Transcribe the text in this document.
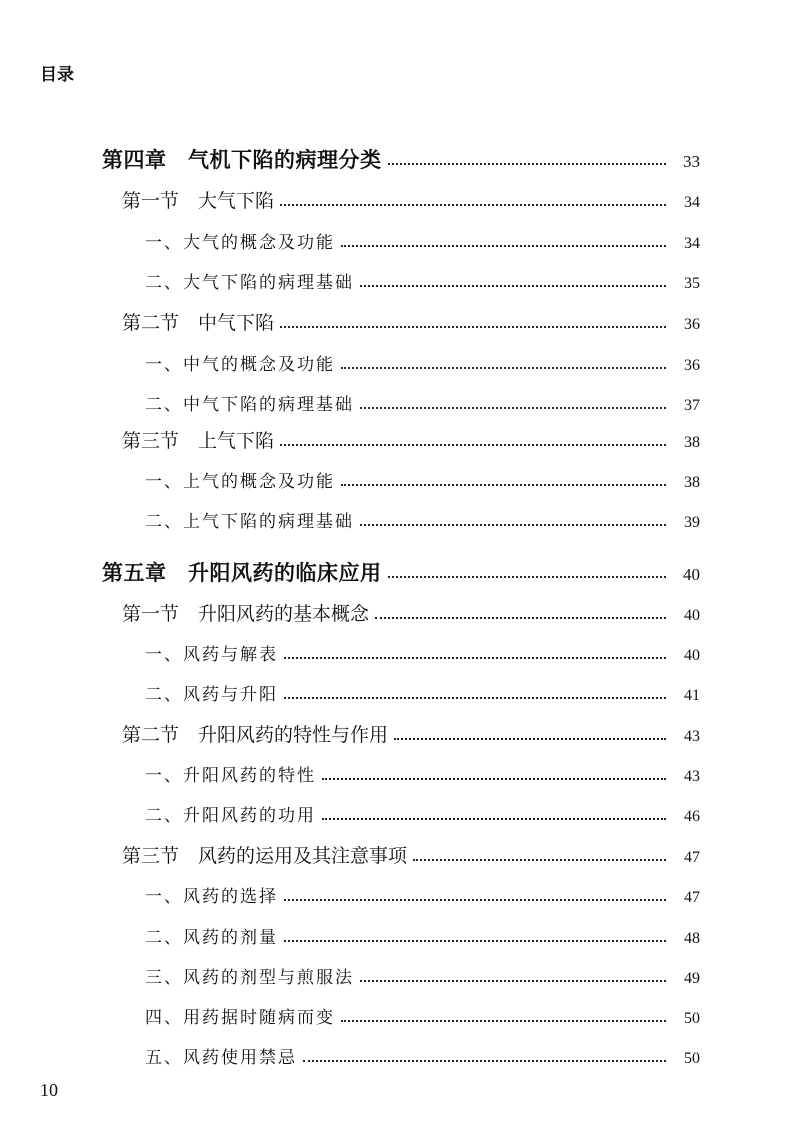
目录
第四章　气机下陷的病理分类	33
第一节　大气下陷	34
一、大气的概念及功能	34
二、大气下陷的病理基础	35
第二节　中气下陷	36
一、中气的概念及功能	36
二、中气下陷的病理基础	37
第三节　上气下陷	38
一、上气的概念及功能	38
二、上气下陷的病理基础	39
第五章　升阳风药的临床应用	40
第一节　升阳风药的基本概念	40
一、风药与解表	40
二、风药与升阳	41
第二节　升阳风药的特性与作用	43
一、升阳风药的特性	43
二、升阳风药的功用	46
第三节　风药的运用及其注意事项	47
一、风药的选择	47
二、风药的剂量	48
三、风药的剂型与煎服法	49
四、用药据时随病而变	50
五、风药使用禁忌	50
10
